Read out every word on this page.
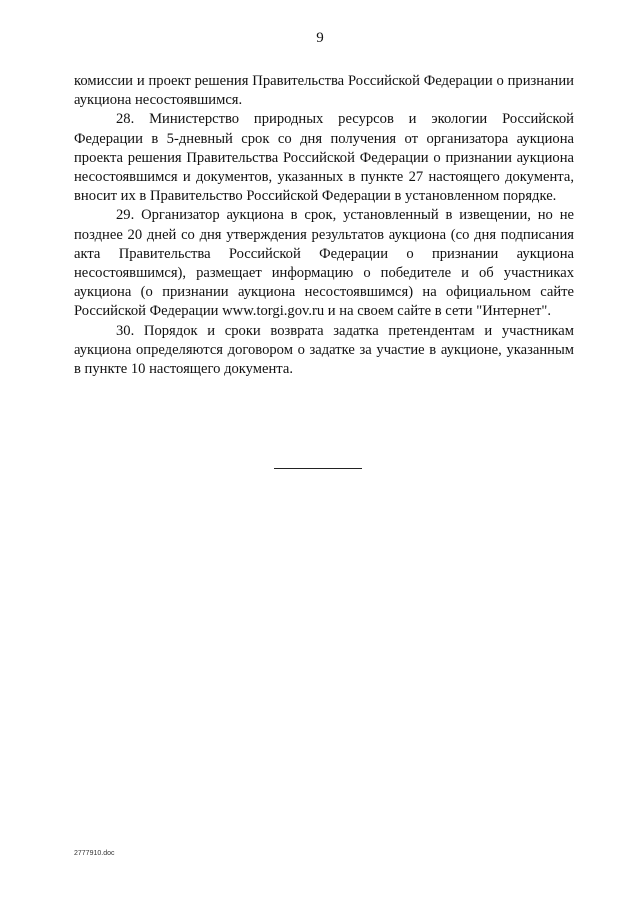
9

комиссии и проект решения Правительства Российской Федерации о признании аукциона несостоявшимся.

28. Министерство природных ресурсов и экологии Российской Федерации в 5-дневный срок со дня получения от организатора аукциона проекта решения Правительства Российской Федерации о признании аукциона несостоявшимся и документов, указанных в пункте 27 настоящего документа, вносит их в Правительство Российской Федерации в установленном порядке.

29. Организатор аукциона в срок, установленный в извещении, но не позднее 20 дней со дня утверждения результатов аукциона (со дня подписания акта Правительства Российской Федерации о признании аукциона несостоявшимся), размещает информацию о победителе и об участниках аукциона (о признании аукциона несостоявшимся) на официальном сайте Российской Федерации www.torgi.gov.ru и на своем сайте в сети "Интернет".

30. Порядок и сроки возврата задатка претендентам и участникам аукциона определяются договором о задатке за участие в аукционе, указанным в пункте 10 настоящего документа.

2777910.doc
